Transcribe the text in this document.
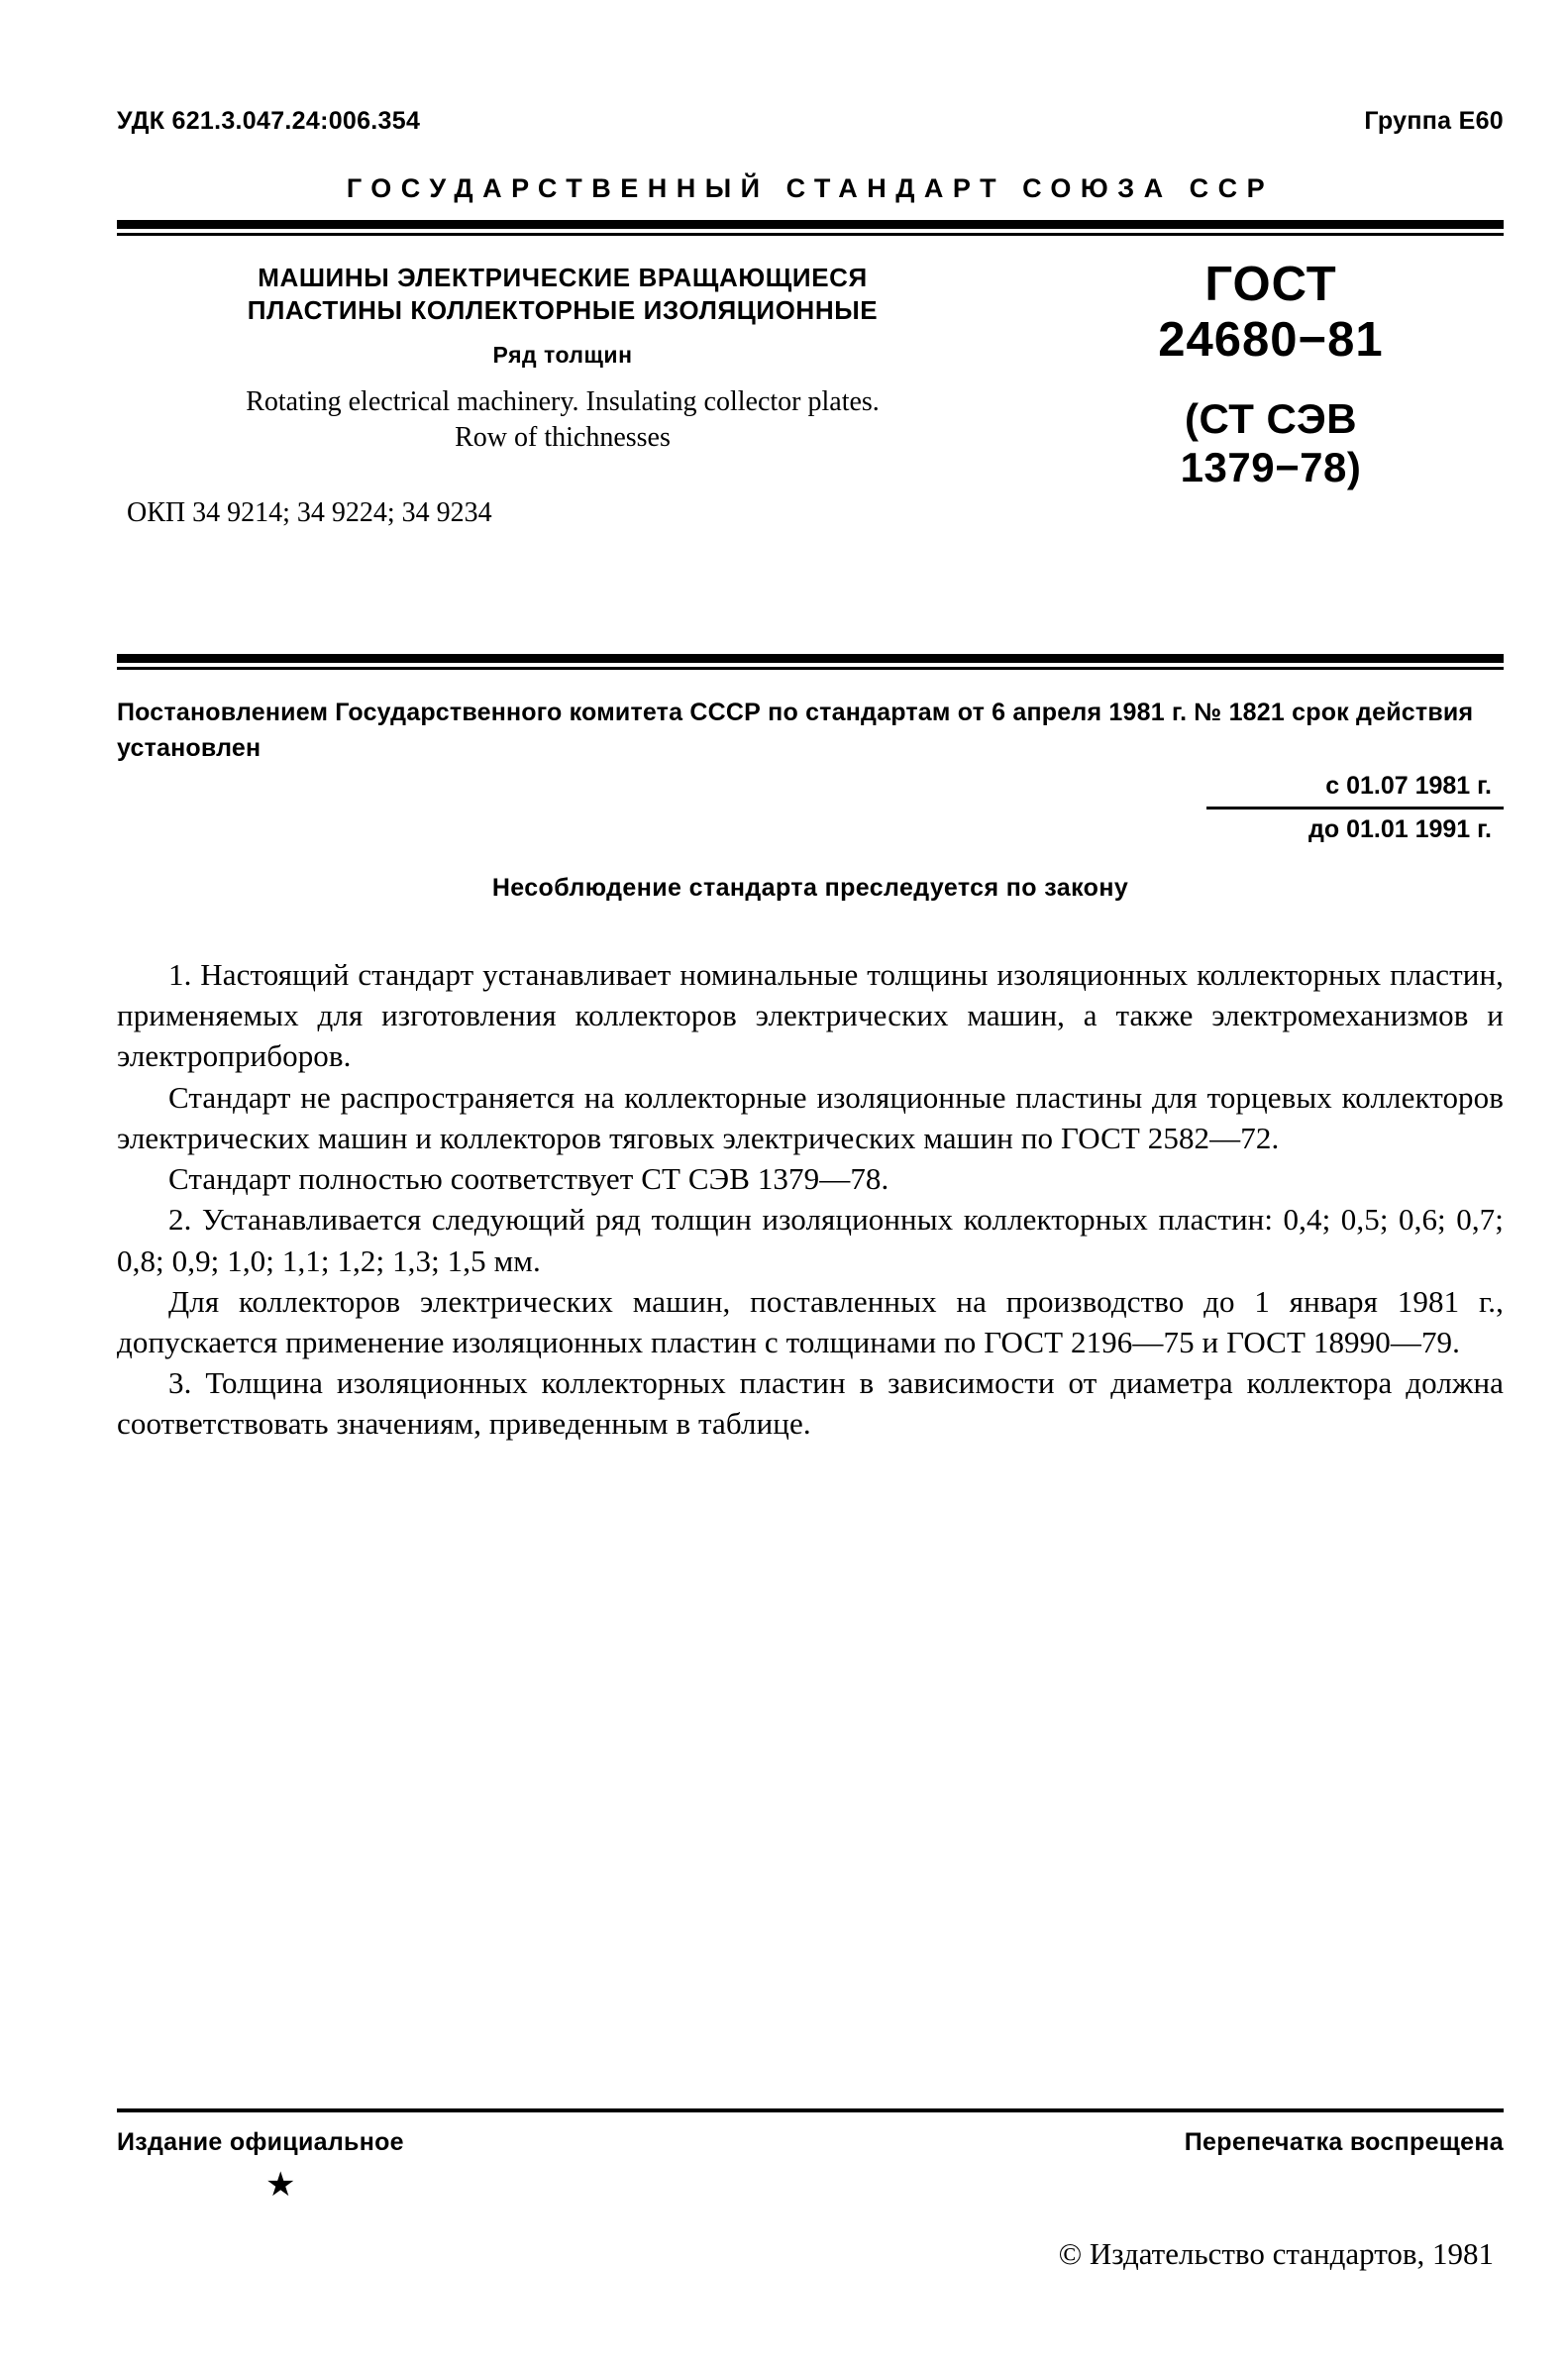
УДК 621.3.047.24:006.354	Группа Е60
ГОСУДАРСТВЕННЫЙ СТАНДАРТ СОЮЗА ССР
МАШИНЫ ЭЛЕКТРИЧЕСКИЕ ВРАЩАЮЩИЕСЯ
ПЛАСТИНЫ КОЛЛЕКТОРНЫЕ ИЗОЛЯЦИОННЫЕ
Ряд толщин
Rotating electrical machinery. Insulating collector plates.
Row of thichnesses
ОКП 34 9214; 34 9224; 34 9234
ГОСТ
24680−81
(СТ СЭВ
1379−78)
Постановлением Государственного комитета СССР по стандартам от 6 апреля 1981 г. № 1821 срок действия установлен
с 01.07 1981 г.
до 01.01 1991 г.
Несоблюдение стандарта преследуется по закону

1. Настоящий стандарт устанавливает номинальные толщины изоляционных коллекторных пластин, применяемых для изготовления коллекторов электрических машин, а также электромеханизмов и электроприборов.

Стандарт не распространяется на коллекторные изоляционные пластины для торцевых коллекторов электрических машин и коллекторов тяговых электрических машин по ГОСТ 2582—72.

Стандарт полностью соответствует СТ СЭВ 1379—78.

2. Устанавливается следующий ряд толщин изоляционных коллекторных пластин: 0,4; 0,5; 0,6; 0,7; 0,8; 0,9; 1,0; 1,1; 1,2; 1,3; 1,5 мм.

Для коллекторов электрических машин, поставленных на производство до 1 января 1981 г., допускается применение изоляционных пластин с толщинами по ГОСТ 2196—75 и ГОСТ 18990—79.

3. Толщина изоляционных коллекторных пластин в зависимости от диаметра коллектора должна соответствовать значениям, приведенным в таблице.

Издание официальное	Перепечатка воспрещена
★
© Издательство стандартов, 1981
